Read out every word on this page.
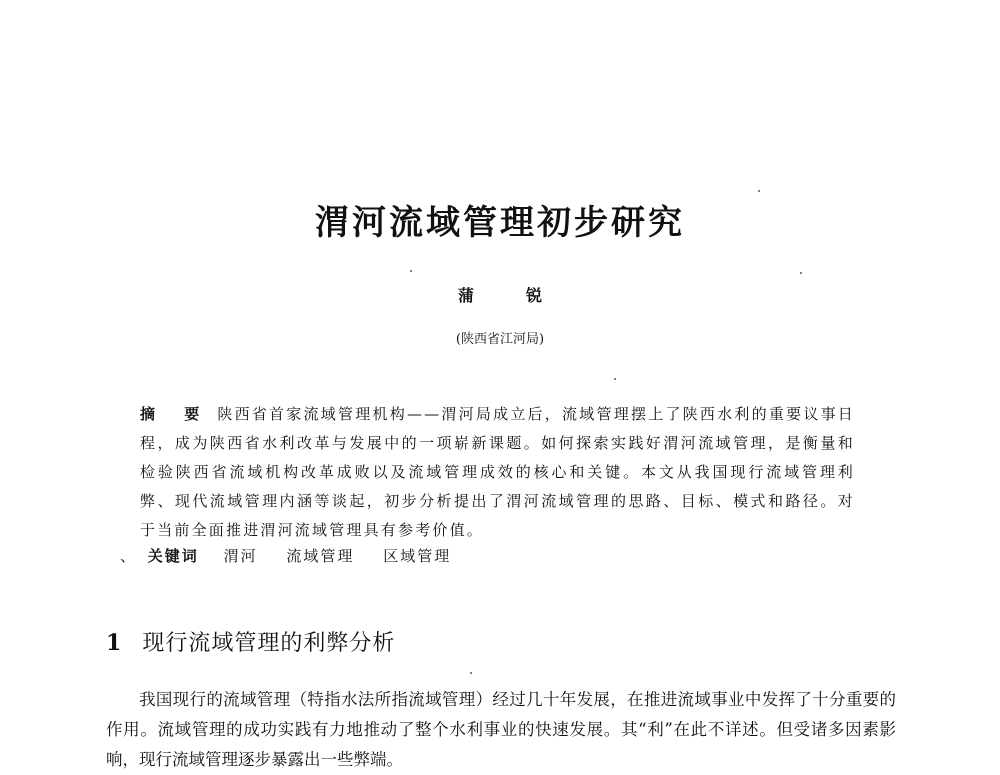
渭河流域管理初步研究
蒲　锐
(陕西省江河局)
摘 要 陕西省首家流域管理机构——渭河局成立后，流域管理摆上了陕西水利的重要议事日程，成为陕西省水利改革与发展中的一项崭新课题。如何探索实践好渭河流域管理，是衡量和检验陕西省流域机构改革成败以及流域管理成效的核心和关键。本文从我国现行流域管理利弊、现代流域管理内涵等谈起，初步分析提出了渭河流域管理的思路、目标、模式和路径。对于当前全面推进渭河流域管理具有参考价值。
、 关键词 渭河 流域管理 区域管理
1 现行流域管理的利弊分析
我国现行的流域管理（特指水法所指流域管理）经过几十年发展，在推进流域事业中发挥了十分重要的作用。流域管理的成功实践有力地推动了整个水利事业的快速发展。其“利”在此不详述。但受诸多因素影响，现行流域管理逐步暴露出一些弊端。
